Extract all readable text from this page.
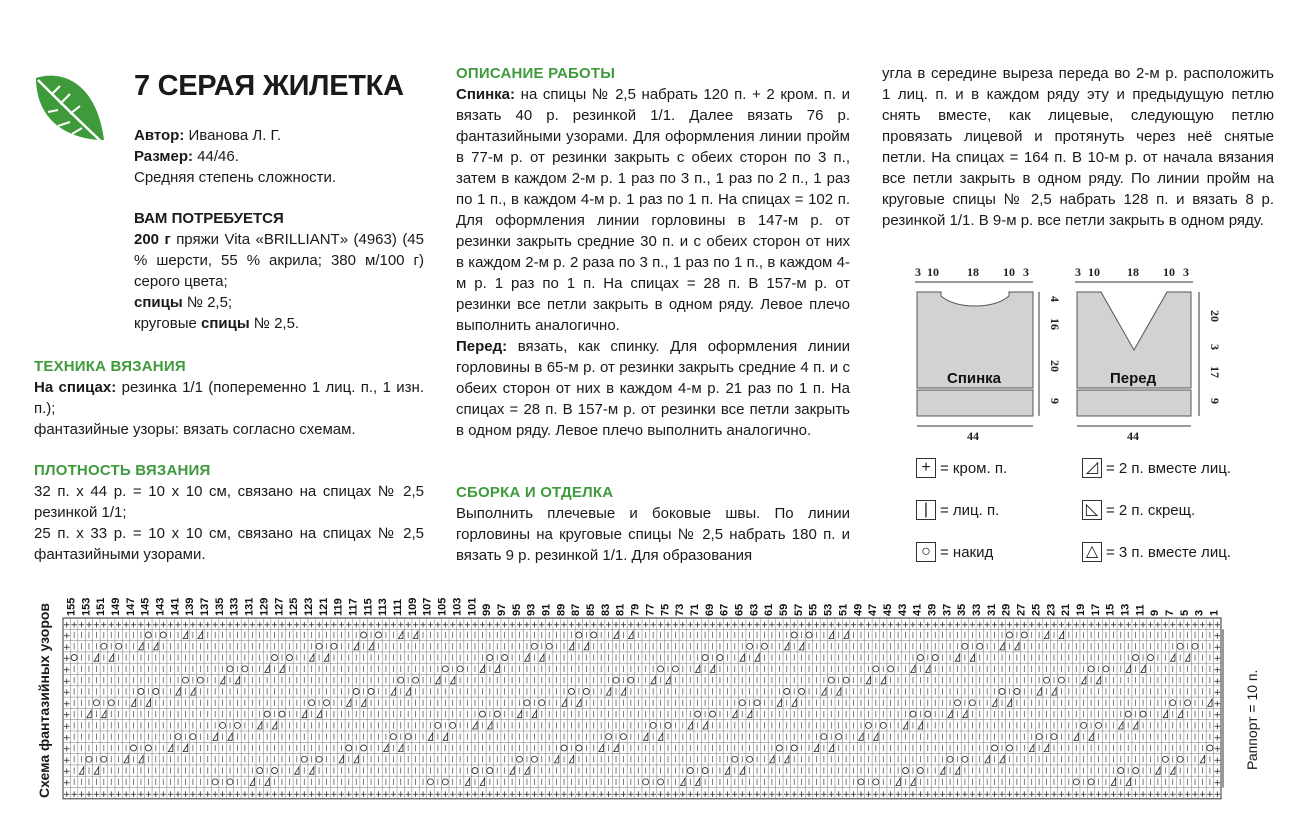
7 СЕРАЯ ЖИЛЕТКА

Автор: Иванова Л. Г.

Размер: 44/46.

Средняя степень сложности.

ВАМ ПОТРЕБУЕТСЯ

200 г пряжи Vita «BRILLIANT» (4963) (45 % шерсти, 55 % акрила; 380 м/100 г) серого цвета;

спицы № 2,5;

круговые спицы № 2,5.

ТЕХНИКА ВЯЗАНИЯ

На спицах: резинка 1/1 (попеременно 1 лиц. п., 1 изн. п.);

фантазийные узоры: вязать согласно схемам.

ПЛОТНОСТЬ ВЯЗАНИЯ

32 п. х 44 р. = 10 х 10 см, связано на спицах № 2,5 резинкой 1/1;

25 п. х 33 р. = 10 х 10 см, связано на спицах № 2,5 фантазийными узорами.

ОПИСАНИЕ РАБОТЫ

Спинка: на спицы № 2,5 набрать 120 п. + 2 кром. п. и вязать 40 р. резинкой 1/1. Далее вязать 76 р. фантазийными узорами. Для оформления линии пройм в 77-м р. от резинки закрыть с обеих сторон по 3 п., затем в каждом 2-м р. 1 раз по 3 п., 1 раз по 2 п., 1 раз по 1 п., в каждом 4-м р. 1 раз по 1 п. На спицах = 102 п. Для оформления линии горловины в 147-м р. от резинки закрыть средние 30 п. и с обеих сторон от них в каждом 2-м р. 2 раза по 3 п., 1 раз по 1 п., в каждом 4-м р. 1 раз по 1 п. На спицах = 28 п. В 157-м р. от резинки все петли закрыть в одном ряду. Левое плечо выполнить аналогично.

Перед: вязать, как спинку. Для оформления линии горловины в 65-м р. от резинки закрыть средние 4 п. и с обеих сторон от них в каждом 4-м р. 21 раз по 1 п. На спицах = 28 п. В 157-м р. от резинки все петли закрыть в одном ряду. Левое плечо выполнить аналогично.

СБОРКА И ОТДЕЛКА

Выполнить плечевые и боковые швы. По линии горловины на круговые спицы № 2,5 набрать 180 п. и вязать 9 р. резинкой 1/1. Для образования

угла в середине выреза переда во 2-м р. расположить 1 лиц. п. и в каждом ряду эту и предыдущую петлю снять вместе, как лицевые, следующую петлю провязать лицевой и протянуть через неё снятые петли. На спицах = 164 п. В 10-м р. от начала вязания все петли закрыть в одном ряду. По линии пройм на круговые спицы № 2,5 набрать 128 п. и вязать 8 р. резинкой 1/1. В 9-м р. все петли закрыть в одном ряду.

3 10 18 10 3	3 10 18 10 3
4
16
20
9
20
3
17
9
44	44
Спинка	Перед
+ = кром. п.
| = лиц. п.
○ = накид
◿ = 2 п. вместе лиц.
◺ = 2 п. скрещ.
△ = 3 п. вместе лиц.
Схема фантазийных узоров	Раппорт = 10 п.
155 153 151 149 147 145 143 141 139 137 135 133 131 129 127 125 123 121 119 117 115 113 111 109 107 105 103 101 99 97 95 93 91 89 87 85 83 81 79 77 75 73 71 69 67 65 63 61 59 57 55 53 51 49 47 45 43 41 39 37 35 33 31 29 27 25 23 21 19 17 15 13 11 9 7 5 3 1
+ + + + + + + + + + + + + + + + + + + + + + + + + + + + + + + + + + + + + + + + + + + + + + + + + + + + + + + + + + + + + + + + + + + + + + + + + + + + + + + + + + + + + + + + + + + + + + + + + + + + + + + + + + + + + + + + + + + + + + + + + + + + + + + + + + + + + + + + + + + + + + + + + + + + + + + + + + + +
+	+
+	+
+	+
+	+
+	+
+	+
+	+
+	+
+	+
+	+
+	+
+	+
+	+
+	+
+ + + + + + + + + + + + + + + + + + + + + + + + + + + + + + + + + + + + + + + + + + + + + + + + + + + + + + + + + + + + + + + + + + + + + + + + + + + + + + + + + + + + + + + + + + + + + + + + + + + + + + + + + + + + + + + + + + + + + + + + + + + + + + + + + + + + + + + + + + + + + + + + + + + + + + + + + + + +
